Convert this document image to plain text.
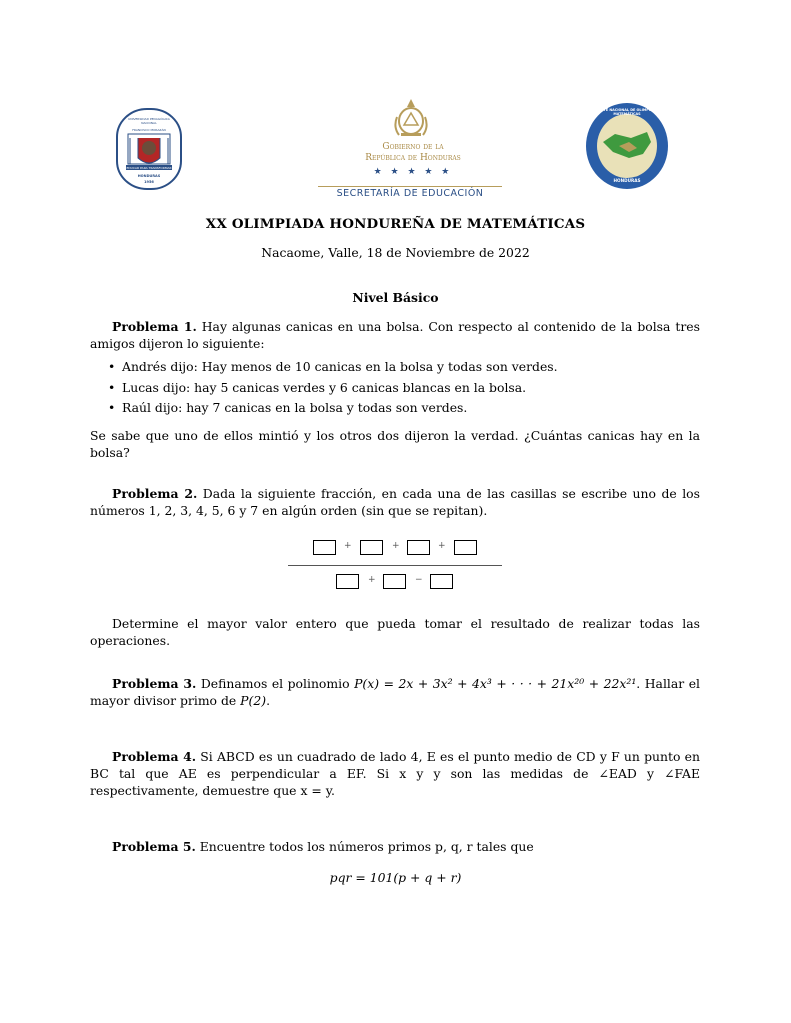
UNIVERSIDAD PEDAGÓGICA NACIONAL
FRANCISCO MORAZÁN
EDUCAR PARA TRANSFORMAR
HONDURAS
1956
Gobierno de la
República de Honduras
★ ★ ★ ★ ★
SECRETARÍA DE EDUCACIÓN
COMITÉ NACIONAL DE OLIMPIADAS MATEMÁTICAS
HONDURAS
XX OLIMPIADA HONDUREÑA DE MATEMÁTICAS
Nacaome, Valle, 18 de Noviembre de 2022
Nivel Básico
Problema 1. Hay algunas canicas en una bolsa. Con respecto al contenido de la bolsa tres amigos dijeron lo siguiente:
• Andrés dijo: Hay menos de 10 canicas en la bolsa y todas son verdes.
• Lucas dijo: hay 5 canicas verdes y 6 canicas blancas en la bolsa.
• Raúl dijo: hay 7 canicas en la bolsa y todas son verdes.
Se sabe que uno de ellos mintió y los otros dos dijeron la verdad. ¿Cuántas canicas hay en la bolsa?
Problema 2. Dada la siguiente fracción, en cada una de las casillas se escribe uno de los números 1, 2, 3, 4, 5, 6 y 7 en algún orden (sin que se repitan).
+	+	+
+	−
Determine el mayor valor entero que pueda tomar el resultado de realizar todas las operaciones.
Problema 3. Definamos el polinomio P(x) = 2x + 3x² + 4x³ + · · · + 21x²⁰ + 22x²¹. Hallar el mayor divisor primo de P(2).
Problema 4. Si ABCD es un cuadrado de lado 4, E es el punto medio de CD y F un punto en BC tal que AE es perpendicular a EF. Si x y y son las medidas de ∠EAD y ∠FAE respectivamente, demuestre que x = y.
Problema 5. Encuentre todos los números primos p, q, r tales que
pqr = 101(p + q + r)
